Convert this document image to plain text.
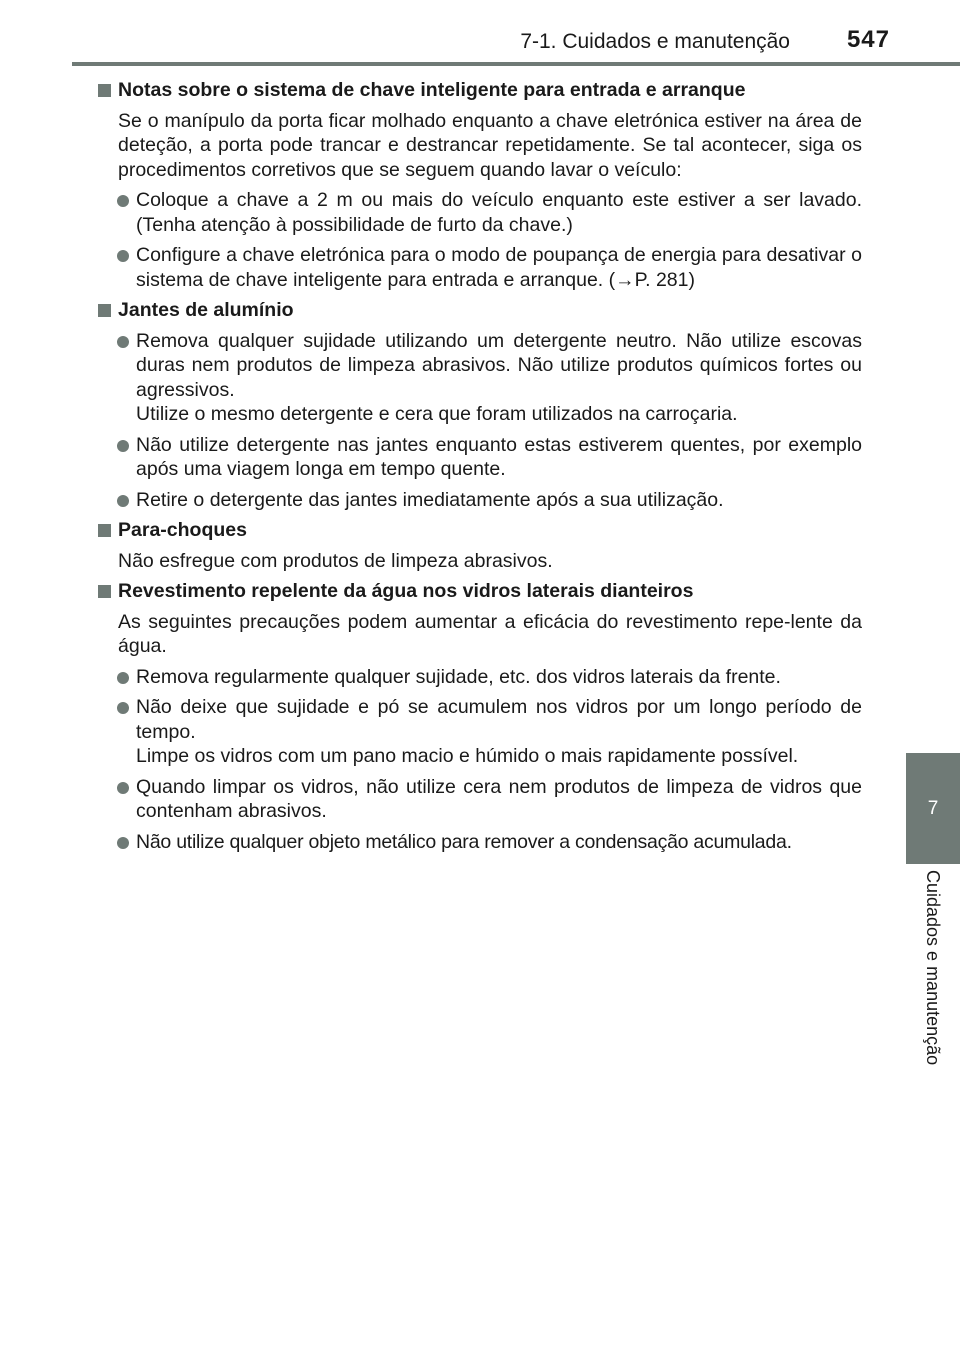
7-1. Cuidados e manutenção 547
7
Cuidados e manutenção
Notas sobre o sistema de chave inteligente para entrada e arranque
Se o manípulo da porta ficar molhado enquanto a chave eletrónica estiver na área de deteção, a porta pode trancar e destrancar repetidamente. Se tal acontecer, siga os procedimentos corretivos que se seguem quando lavar o veículo:
Coloque a chave a 2 m ou mais do veículo enquanto este estiver a ser lavado. (Tenha atenção à possibilidade de furto da chave.)
Configure a chave eletrónica para o modo de poupança de energia para desativar o sistema de chave inteligente para entrada e arranque. (→P. 281)
Jantes de alumínio
Remova qualquer sujidade utilizando um detergente neutro. Não utilize escovas duras nem produtos de limpeza abrasivos. Não utilize produtos químicos fortes ou agressivos.
Utilize o mesmo detergente e cera que foram utilizados na carroçaria.
Não utilize detergente nas jantes enquanto estas estiverem quentes, por exemplo após uma viagem longa em tempo quente.
Retire o detergente das jantes imediatamente após a sua utilização.
Para-choques
Não esfregue com produtos de limpeza abrasivos.
Revestimento repelente da água nos vidros laterais dianteiros
As seguintes precauções podem aumentar a eficácia do revestimento repe-lente da água.
Remova regularmente qualquer sujidade, etc. dos vidros laterais da frente.
Não deixe que sujidade e pó se acumulem nos vidros por um longo período de tempo.
Limpe os vidros com um pano macio e húmido o mais rapidamente possível.
Quando limpar os vidros, não utilize cera nem produtos de limpeza de vidros que contenham abrasivos.
Não utilize qualquer objeto metálico para remover a condensação acumulada.
